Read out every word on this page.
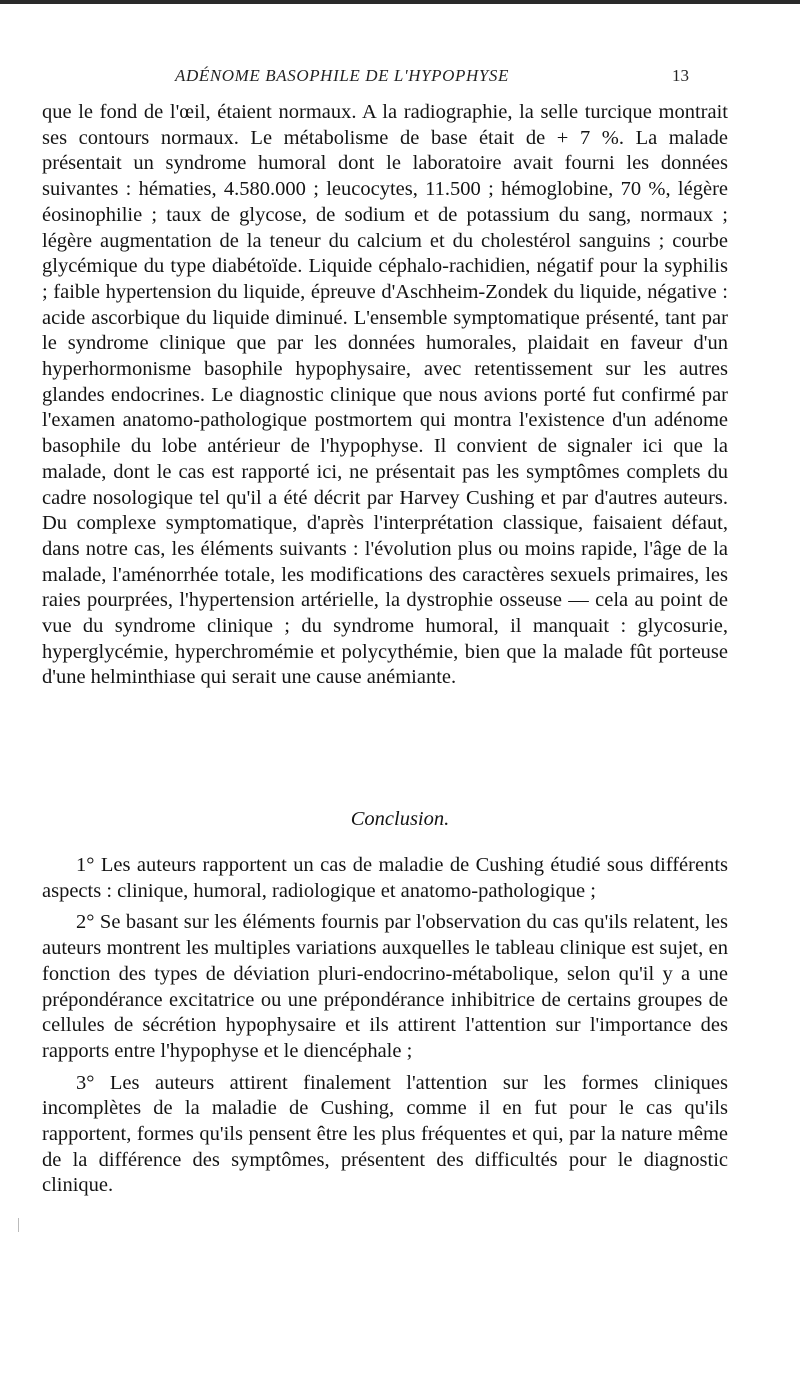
ADÉNOME BASOPHILE DE L'HYPOPHYSE	13

que le fond de l'œil, étaient normaux. A la radiographie, la selle turcique montrait ses contours normaux. Le métabolisme de base était de + 7 %. La malade présentait un syndrome humoral dont le laboratoire avait fourni les données suivantes : hématies, 4.580.000 ; leucocytes, 11.500 ; hémoglobine, 70 %, légère éosinophilie ; taux de glycose, de sodium et de potassium du sang, normaux ; légère augmentation de la teneur du calcium et du cholestérol sanguins ; courbe glycémique du type diabétoïde. Liquide céphalo-rachidien, négatif pour la syphilis ; faible hypertension du liquide, épreuve d'Aschheim-Zondek du liquide, négative : acide ascorbique du liquide diminué. L'ensemble symptomatique présenté, tant par le syndrome clinique que par les données humorales, plaidait en faveur d'un hyperhormonisme basophile hypophysaire, avec retentissement sur les autres glandes endocrines. Le diagnostic clinique que nous avions porté fut confirmé par l'examen anatomo-pathologique postmortem qui montra l'existence d'un adénome basophile du lobe antérieur de l'hypophyse. Il convient de signaler ici que la malade, dont le cas est rapporté ici, ne présentait pas les symptômes complets du cadre nosologique tel qu'il a été décrit par Harvey Cushing et par d'autres auteurs. Du complexe symptomatique, d'après l'interprétation classique, faisaient défaut, dans notre cas, les éléments suivants : l'évolution plus ou moins rapide, l'âge de la malade, l'aménorrhée totale, les modifications des caractères sexuels primaires, les raies pourprées, l'hypertension artérielle, la dystrophie osseuse — cela au point de vue du syndrome clinique ; du syndrome humoral, il manquait : glycosurie, hyperglycémie, hyperchromémie et polycythémie, bien que la malade fût porteuse d'une helminthiase qui serait une cause anémiante.

Conclusion.

1° Les auteurs rapportent un cas de maladie de Cushing étudié sous différents aspects : clinique, humoral, radiologique et anatomo-pathologique ;

2° Se basant sur les éléments fournis par l'observation du cas qu'ils relatent, les auteurs montrent les multiples variations auxquelles le tableau clinique est sujet, en fonction des types de déviation pluri-endocrino-métabolique, selon qu'il y a une prépondérance excitatrice ou une prépondérance inhibitrice de certains groupes de cellules de sécrétion hypophysaire et ils attirent l'attention sur l'importance des rapports entre l'hypophyse et le diencéphale ;

3° Les auteurs attirent finalement l'attention sur les formes cliniques incomplètes de la maladie de Cushing, comme il en fut pour le cas qu'ils rapportent, formes qu'ils pensent être les plus fréquentes et qui, par la nature même de la différence des symptômes, présentent des difficultés pour le diagnostic clinique.
